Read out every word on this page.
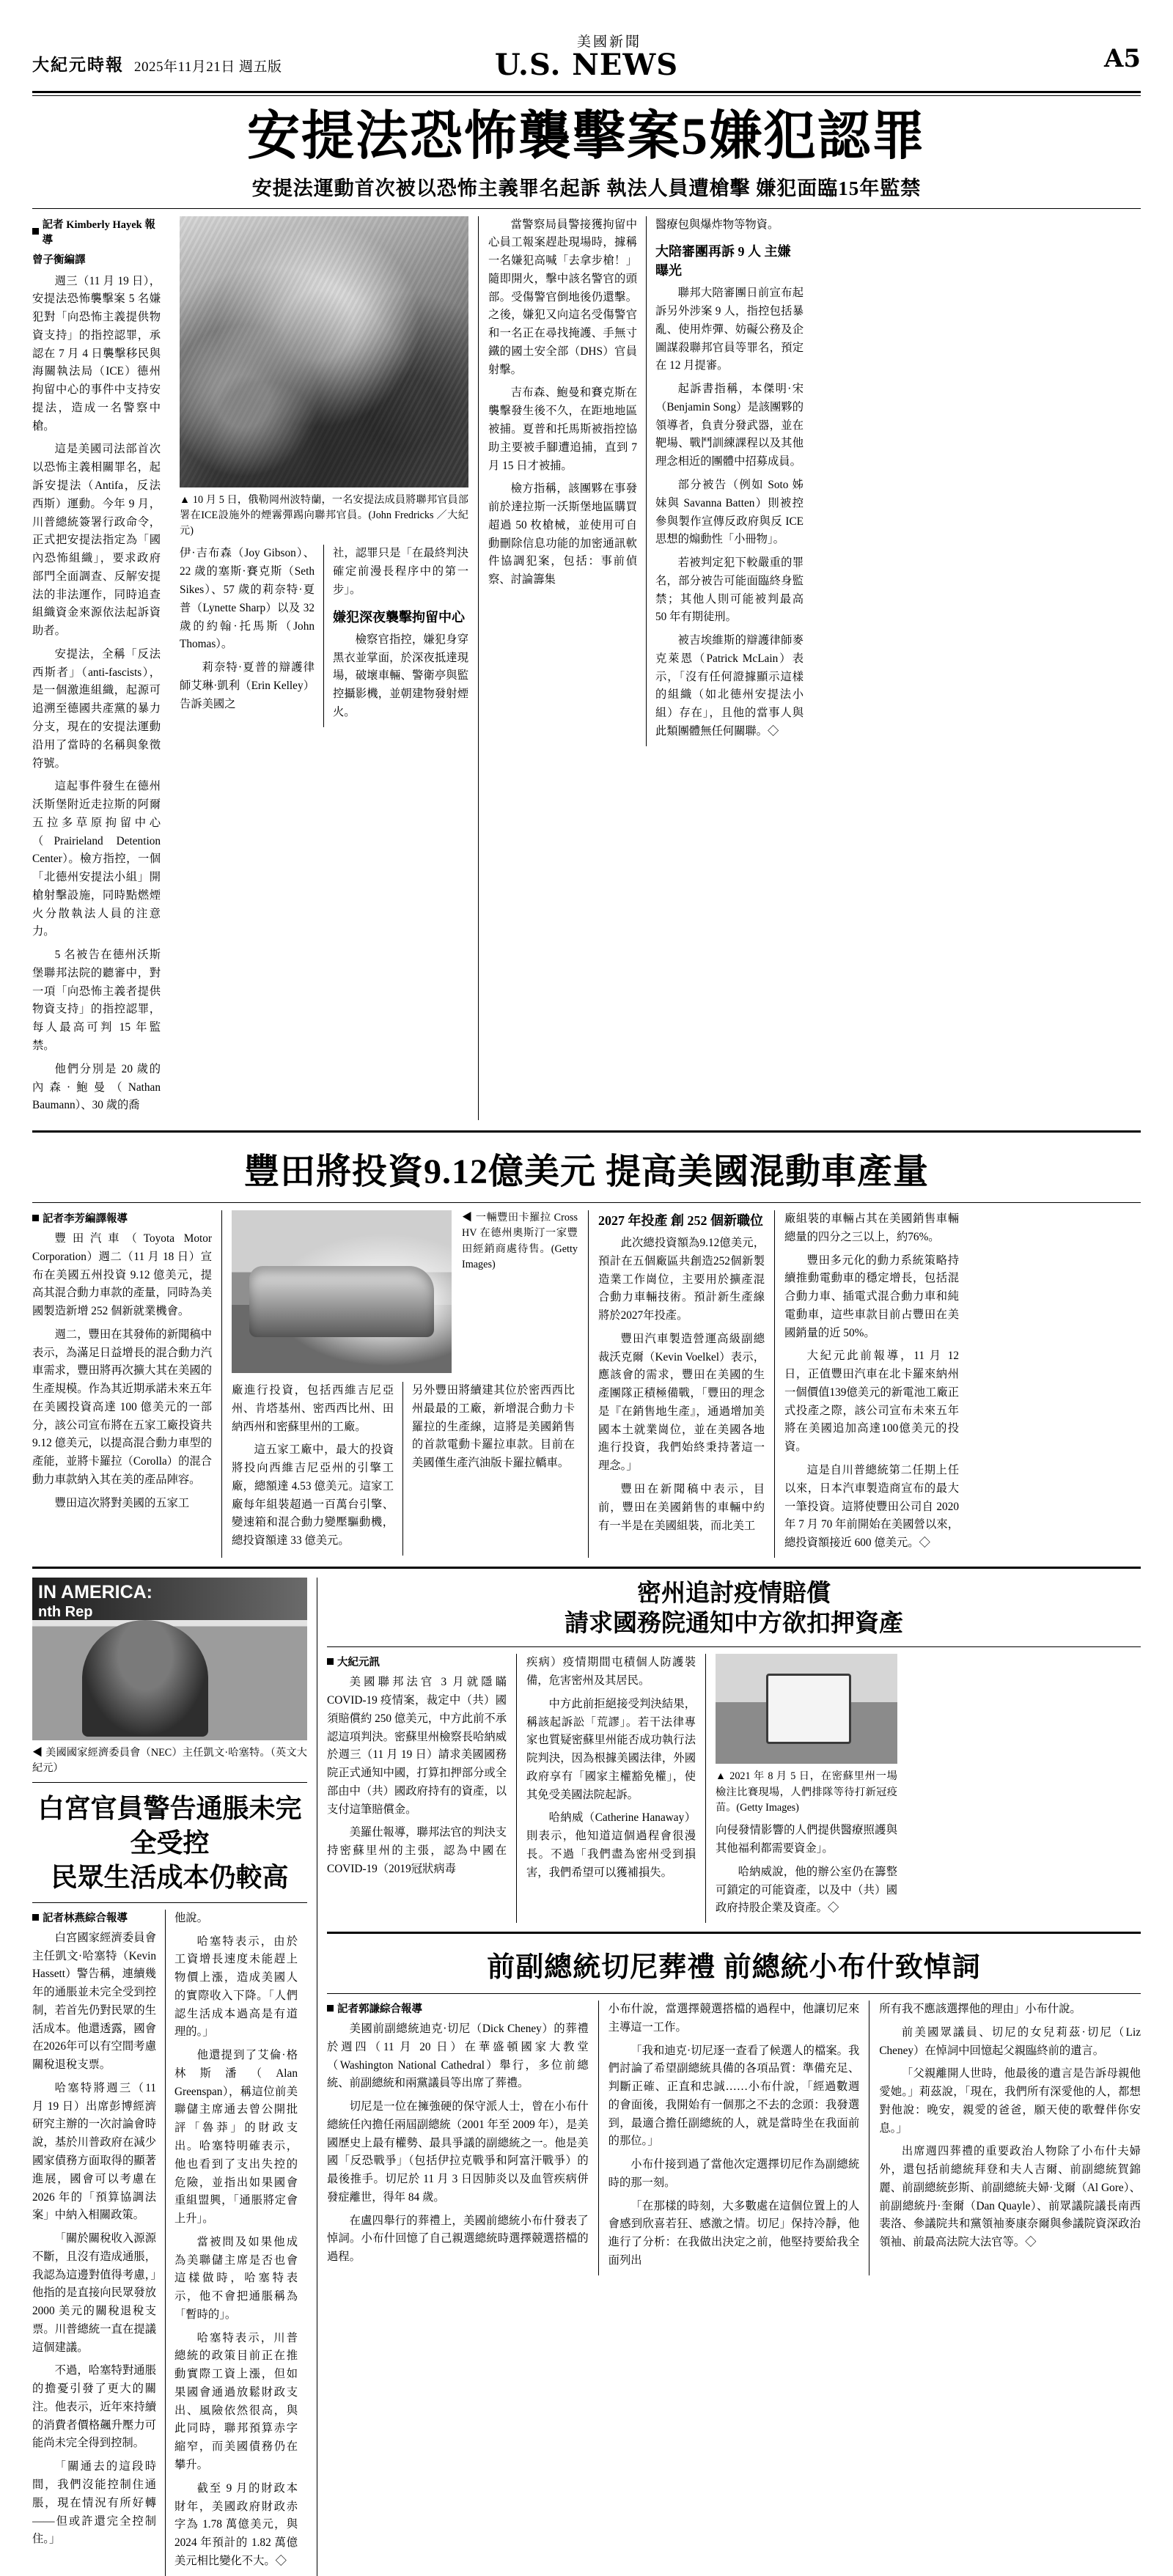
大紀元時報 2025年11月21日 週五版
美國新聞
U.S. NEWS	A5
安提法恐怖襲擊案5嫌犯認罪
安提法運動首次被以恐怖主義罪名起訴 執法人員遭槍擊 嫌犯面臨15年監禁
記者 Kimberly Hayek 報導
曾子衡編譯

週三（11 月 19 日），安提法恐怖襲擊案 5 名嫌犯對「向恐怖主義提供物資支持」的指控認罪，承認在 7 月 4 日襲擊移民與海關執法局（ICE）德州拘留中心的事件中支持安提法，造成一名警察中槍。

這是美國司法部首次以恐怖主義相關罪名，起訴安提法（Antifa，反法西斯）運動。今年 9 月，川普總統簽署行政命令，正式把安提法指定為「國內恐怖組織」，要求政府部門全面調查、反解安提法的非法運作，同時追查組織資金來源依法起訴資助者。

安提法，全稱「反法西斯者」（anti-fascists），是一個激進組織，起源可追溯至德國共產黨的暴力分支，現在的安提法運動沿用了當時的名稱與象徵符號。

這起事件發生在德州沃斯堡附近走拉斯的阿爾五拉多草原拘留中心（Prairieland Detention Center）。檢方指控，一個「北德州安提法小組」開槍射擊設施，同時點燃煙火分散執法人員的注意力。

5 名被告在德州沃斯堡聯邦法院的聽審中，對一項「向恐怖主義者提供物資支持」的指控認罪，每人最高可判 15 年監禁。

他們分別是 20 歲的內森·鮑曼（Nathan Baumann）、30 歲的喬

▲ 10 月 5 日，俄勒岡州波特蘭，一名安提法成員將聯邦官員部署在ICE設施外的煙霧彈踢向聯邦官員。(John Fredricks ／大紀元)

伊·吉布森（Joy Gibson）、22 歲的塞斯·賽克斯（Seth Sikes）、57 歲的莉奈特·夏普（Lynette Sharp）以及 32 歲的約翰·托馬斯（John Thomas）。

莉奈特·夏普的辯護律師艾琳·凱利（Erin Kelley）告訴美國之

社，認罪只是「在最終判決確定前漫長程序中的第一步」。

嫌犯深夜襲擊拘留中心

檢察官指控，嫌犯身穿黑衣並掌面，於深夜抵達現場，破壞車輛、警衛亭與監控攝影機，並朝建物發射煙火。

當警察局員警接獲拘留中心員工報案趕赴現場時，據稱一名嫌犯高喊「去拿步槍！」隨即開火，擊中該名警官的頭部。受傷警官倒地後仍還擊。之後，嫌犯又向這名受傷警官和一名正在尋找掩護、手無寸鐵的國土安全部（DHS）官員射擊。

吉布森、鮑曼和賽克斯在襲擊發生後不久，在距地地區被捕。夏普和托馬斯被指控協助主要被手腳遭追捕，直到 7 月 15 日才被捕。

檢方指稱，該團夥在事發前於達拉斯一沃斯堡地區購買超過 50 枚槍械，並使用可自動刪除信息功能的加密通訊軟件協調犯案，包括：事前偵察、討論籌集

醫療包與爆炸物等物資。

大陪審團再訴 9 人 主嫌曝光

聯邦大陪審團日前宣布起訴另外涉案 9 人，指控包括暴亂、使用炸彈、妨礙公務及企圖謀殺聯邦官員等罪名，預定在 12 月提審。

起訴書指稱，本傑明·宋（Benjamin Song）是該團夥的領導者，負責分發武器，並在靶場、戰鬥訓練課程以及其他理念相近的團體中招募成員。

部分被告（例如 Soto 姊妹與 Savanna Batten）則被控參與製作宣傳反政府與反 ICE 思想的煽動性「小冊物」。

若被判定犯下較嚴重的罪名，部分被告可能面臨終身監禁；其他人則可能被判最高 50 年有期徒刑。

被吉埃維斯的辯護律師麥克萊恩（Patrick McLain）表示，「沒有任何證據顯示這樣的組織（如北德州安提法小組）存在」，且他的當事人與此類團體無任何關聯。◇

豐田將投資9.12億美元 提高美國混動車產量
記者李芳編譯報導

豐田汽車（Toyota Motor Corporation）週二（11 月 18 日）宣布在美國五州投資 9.12 億美元，提高其混合動力車款的產量，同時為美國製造新增 252 個新就業機會。

週二，豐田在其發佈的新聞稿中表示，為滿足日益增長的混合動力汽車需求，豐田將再次擴大其在美國的生產規模。作為其近期承諾未來五年在美國投資高達 100 億美元的一部分，該公司宣布將在五家工廠投資共 9.12 億美元，以提高混合動力車型的產能，並將卡羅拉（Corolla）的混合動力車款納入其在美的產品陣容。

豐田這次將對美國的五家工

◀ 一輛豐田卡羅拉 Cross HV 在德州奧斯汀一家豐田經銷商處待售。(Getty Images)

廠進行投資，包括西維吉尼亞州、肯塔基州、密西西比州、田納西州和密蘇里州的工廠。

這五家工廠中，最大的投資將投向西維吉尼亞州的引擎工廠，總額達 4.53 億美元。這家工廠每年組裝超過一百萬台引擎、變速箱和混合動力變壓驅動機，總投資額達 33 億美元。

另外豐田將續建其位於密西西比州最最的工廠，新增混合動力卡羅拉的生產線，這將是美國銷售的首款電動卡羅拉車款。目前在美國僅生產汽油版卡羅拉轎車。

2027 年投產 創 252 個新職位

此次總投資額為9.12億美元，預計在五個廠區共創造252個新製造業工作崗位，主要用於擴產混合動力車輛技術。預計新生產線將於2027年投產。

豐田汽車製造營運高級副總裁沃克爾（Kevin Voelkel）表示，應該會的需求，豐田在美國的生產團隊正積極備戰，「豐田的理念是『在銷售地生產』，通過增加美國本土就業崗位，並在美國各地進行投資，我們始終秉持著這一理念。」

豐田在新聞稿中表示，目前，豐田在美國銷售的車輛中約有一半是在美國組裝，而北美工

廠組裝的車輛占其在美國銷售車輛總量的四分之三以上，約76%。

豐田多元化的動力系統策略持續推動電動車的穩定增長，包括混合動力車、插電式混合動力車和純電動車，這些車款目前占豐田在美國銷量的近 50%。

大紀元此前報導，11 月 12 日，正值豐田汽車在北卡羅來納州一個價值139億美元的新電池工廠正式投產之際，該公司宣布未來五年將在美國追加高達100億美元的投資。

這是自川普總統第二任期上任以來，日本汽車製造商宣布的最大一筆投資。這將使豐田公司自 2020 年 7 月 70 年前開始在美國營以來，總投資額接近 600 億美元。◇

IN AMERICA:
nth Rep
◀ 美國國家經濟委員會（NEC）主任凱文·哈塞特。（英文大紀元）
白宮官員警告通脹未完全受控
民眾生活成本仍較高
記者林燕綜合報導

白宮國家經濟委員會主任凱文·哈塞特（Kevin Hassett）警告稱，連續幾年的通脹並未完全受到控制，若首先仍對民眾的生活成本。他還透露，國會在2026年可以有空間考慮關稅退稅支票。

哈塞特將週三（11 月 19 日）出席彭博經濟研究主辦的一次討論會時說，基於川普政府在減少國家債務方面取得的顯著進展，國會可以考慮在 2026 年的「預算協調法案」中納入相關政策。

「關於關稅收入源源不斷，且沒有造成通脹，我認為這邊對值得考慮，」他指的是直接向民眾發放 2000 美元的關稅退稅支票。川普總統一直在提議這個建議。

不過，哈塞特對通脹的擔憂引發了更大的關注。他表示，近年來持續的消費者價格飆升壓力可能尚未完全得到控制。

「關通去的這段時間，我們沒能控制住通脹，現在情況有所好轉——但或許還完全控制住。」

他說。

哈塞特表示，由於工資增長速度未能趕上物價上漲，造成美國人的實際收入下降。「人們認生活成本過高是有道理的。」

他還提到了艾倫·格林斯潘（Alan Greenspan），稱這位前美聯儲主席通去曾公開批評「魯莽」的財政支出。哈塞特明確表示，他也看到了支出失控的危險，並指出如果國會重組盟興，「通脹將定會上升」。

當被問及如果他成為美聯儲主席是否也會這樣做時，哈塞特表示，他不會把通脹稱為「暫時的」。

哈塞特表示，川普總統的政策目前正在推動實際工資上漲，但如果國會通過放鬆財政支出、風險依然很高，與此同時，聯邦預算赤字縮窄，而美國債務仍在攀升。

截至 9 月的財政本財年，美國政府財政赤字為 1.78 萬億美元，與 2024 年預計的 1.82 萬億美元相比變化不大。◇

密州追討疫情賠償
請求國務院通知中方欲扣押資產
大紀元訊

美國聯邦法官 3 月就隱瞞 COVID-19 疫情案，裁定中（共）國須賠償約 250 億美元，中方此前不承認這項判決。密蘇里州檢察長哈納威於週三（11 月 19 日）請求美國國務院正式通知中國，打算扣押部分或全部由中（共）國政府持有的資產，以支付這筆賠償金。

美羅仕報導，聯邦法官的判決支持密蘇里州的主張，認為中國在 COVID-19（2019冠狀病毒

疾病）疫情期間屯積個人防護裝備，危害密州及其居民。

中方此前拒絕接受判決結果，稱該起訴訟「荒謬」。若干法律專家也質疑密蘇里州能否成功執行法院判決，因為根據美國法律，外國政府享有「國家主權豁免權」，使其免受美國法院起訴。

哈納威（Catherine Hanaway）則表示，他知道這個過程會很漫長。不過「我們盡為密州受到損害，我們希望可以獲補損失。

▲ 2021 年 8 月 5 日，在密蘇里州一場檢注比賽現場，人們排隊等待打新冠疫苗。(Getty Images)

向侵發情影響的人們提供醫療照護與其他福利都需要資金」。

哈納威說，他的辦公室仍在籌整可鎖定的可能資產，以及中（共）國政府持股企業及資產。◇

前副總統切尼葬禮 前總統小布什致悼詞
記者郭謙綜合報導

美國前副總統迪克·切尼（Dick Cheney）的葬禮於週四（11 月 20 日）在華盛頓國家大教堂（Washington National Cathedral）舉行，多位前總統、前副總統和兩黨議員等出席了葬禮。

切尼是一位在擁強硬的保守派人士，曾在小布什總統任內擔任兩屆副總統（2001 年至 2009 年），是美國歷史上最有權勢、最具爭議的副總統之一。他是美國「反恐戰爭」（包括伊拉克戰爭和阿富汗戰爭）的最後推手。切尼於 11 月 3 日因肺炎以及血管疾病併發症離世，得年 84 歲。

在盧四舉行的葬禮上，美國前總統小布什發表了悼詞。小布什回憶了自己親選總統時選擇競選搭檔的過程。

小布什說，當選擇競選搭檔的過程中，他讓切尼來主導這一工作。

「我和迪克·切尼逐一查看了候選人的檔案。我們討論了希望副總統具備的各項品質：準備充足、判斷正確、正直和忠誠……小布什說，「經過數週的會面後，我開始有一個那之不去的念頭：我發選到，最適合擔任副總統的人，就是當時坐在我面前的那位。」

小布什接到過了當他次定選擇切尼作為副總統時的那一刻。

「在那樣的時刻，大多數處在這個位置上的人會感到欣喜若狂、感激之情。切尼」保持冷靜，他進行了分析：在我做出決定之前，他堅持要給我全面列出

所有我不應該選擇他的理由」小布什說。

前美國眾議員、切尼的女兒莉茲·切尼（Liz Cheney）在悼詞中回憶起父親臨終前的遺言。

「父親離開人世時，他最後的遺言是告訴母親他愛她。」莉茲說，「現在，我們所有深愛他的人，都想對他說：晚安，親愛的爸爸，願天使的歌聲伴你安息。」

出席週四葬禮的重要政治人物除了小布什夫婦外，還包括前總統拜登和夫人吉爾、前副總統賀錦麗、前副總統彭斯、前副總統夫婦·戈爾（Al Gore）、前副總統丹·奎爾（Dan Quayle）、前眾議院議長南西裴洛、參議院共和黨領袖麥康奈爾與參議院資深政治領袖、前最高法院大法官等。◇
